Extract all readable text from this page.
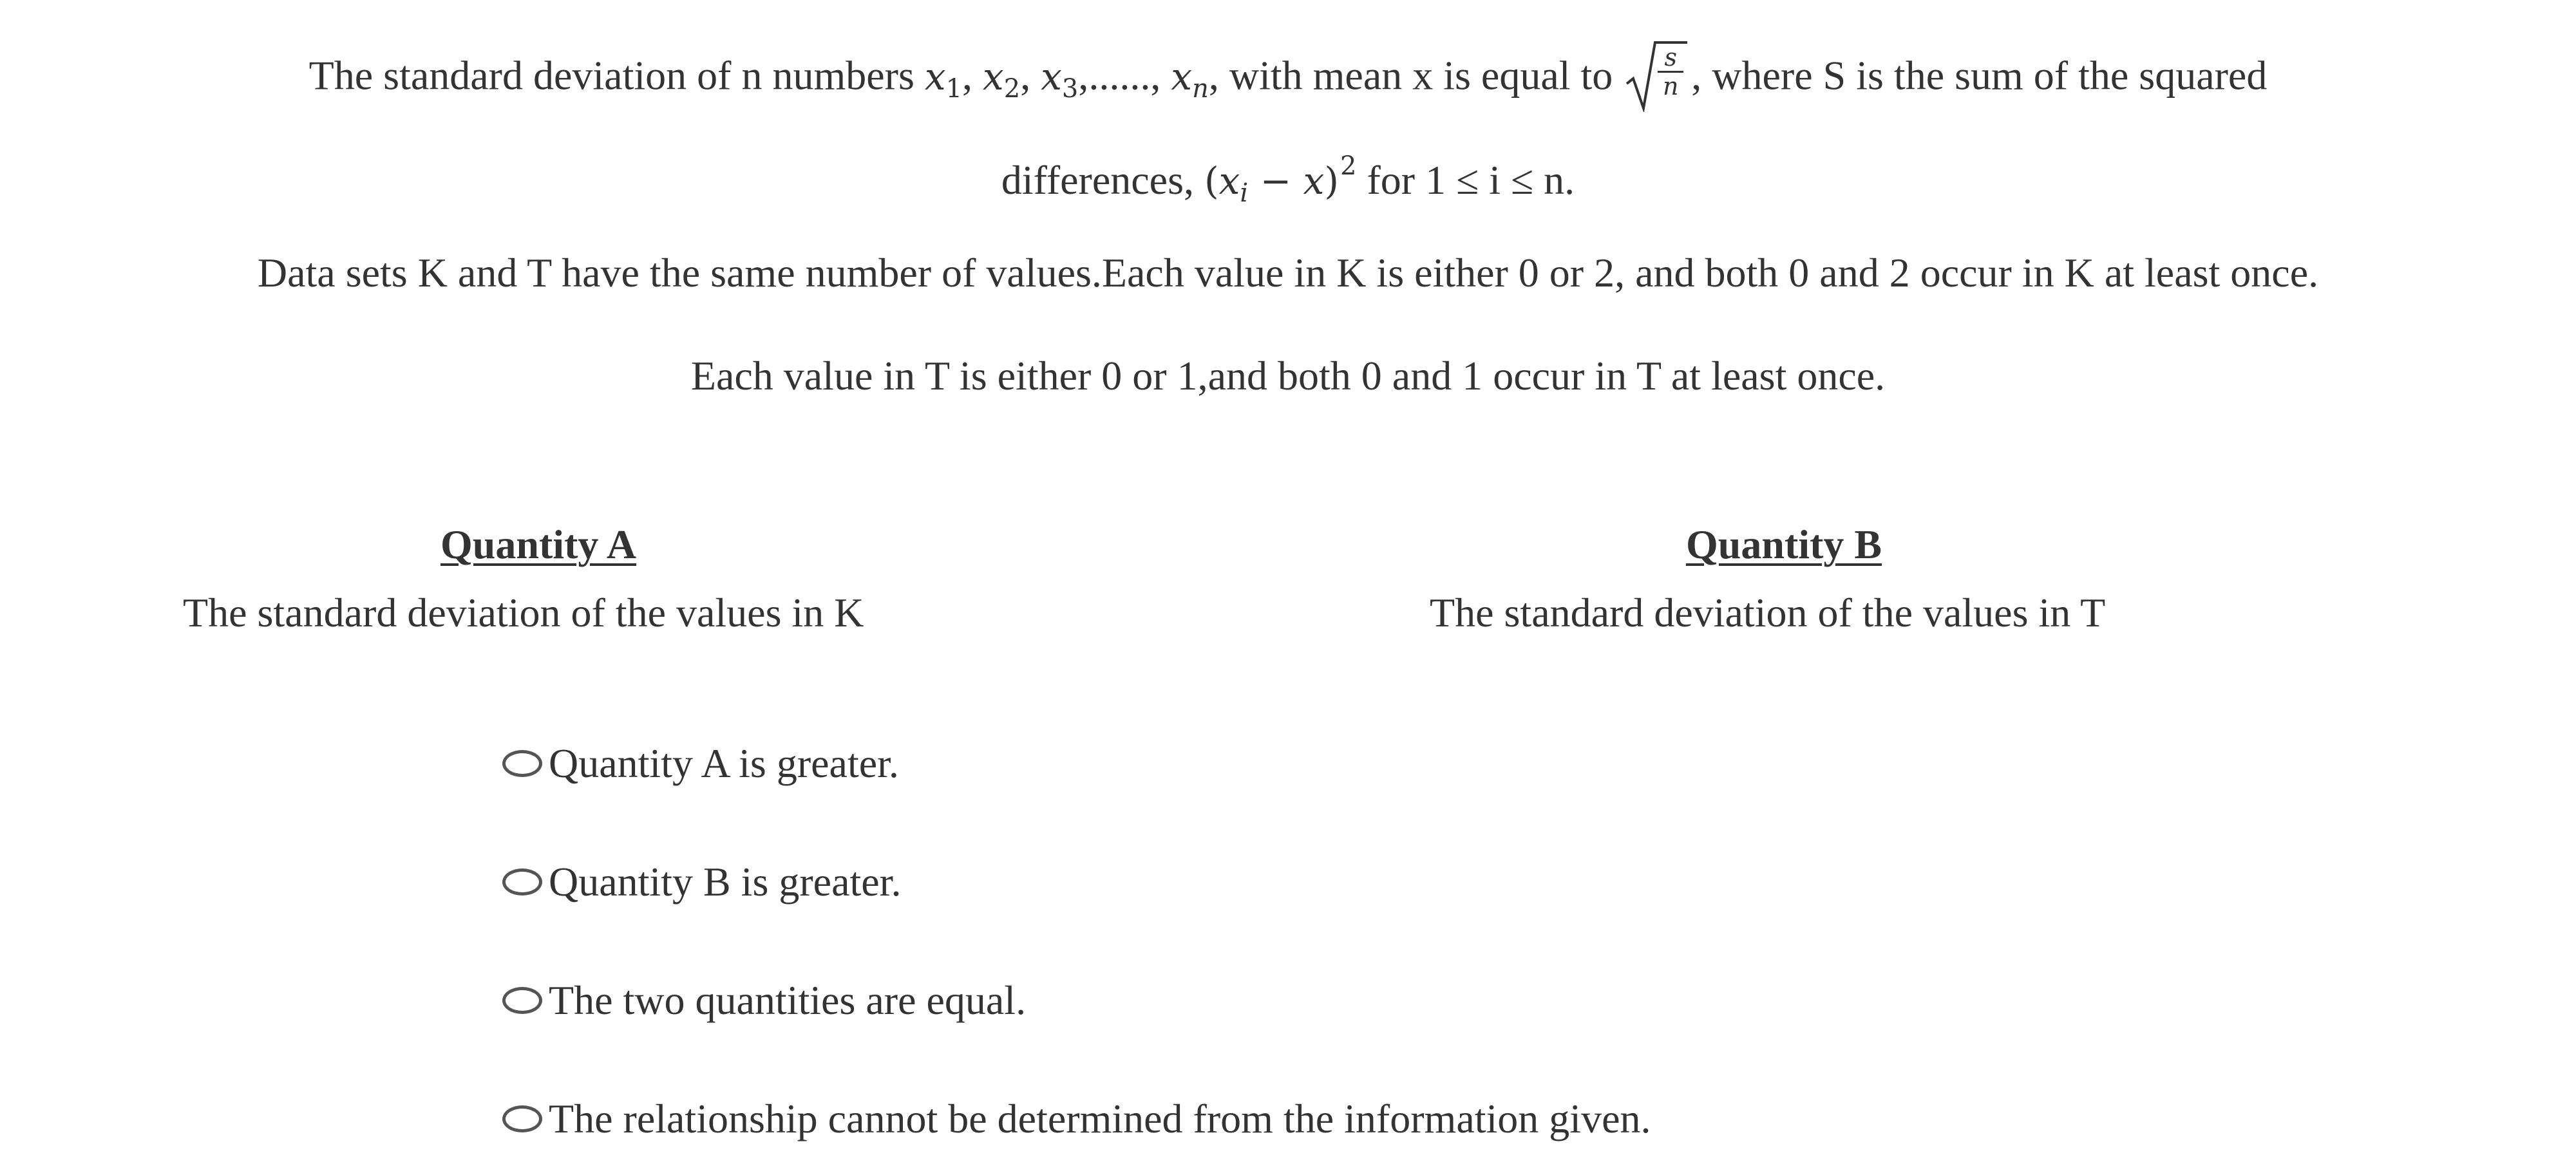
The standard deviation of n numbers $x_1$, $x_2$, $x_3$,......, $x_n$, with mean x is equal to $\frac{s}{n}$ , where S is the sum of the squared
differences, $(x_i - x)^2$ for 1 ≤ i ≤ n.
Data sets K and T have the same number of values.Each value in K is either 0 or 2, and both 0 and 2 occur in K at least once.
Each value in T is either 0 or 1,and both 0 and 1 occur in T at least once.
Quantity A
The standard deviation of the values in K
Quantity B
The standard deviation of the values in T
Quantity A is greater.
Quantity B is greater.
The two quantities are equal.
The relationship cannot be determined from the information given.
